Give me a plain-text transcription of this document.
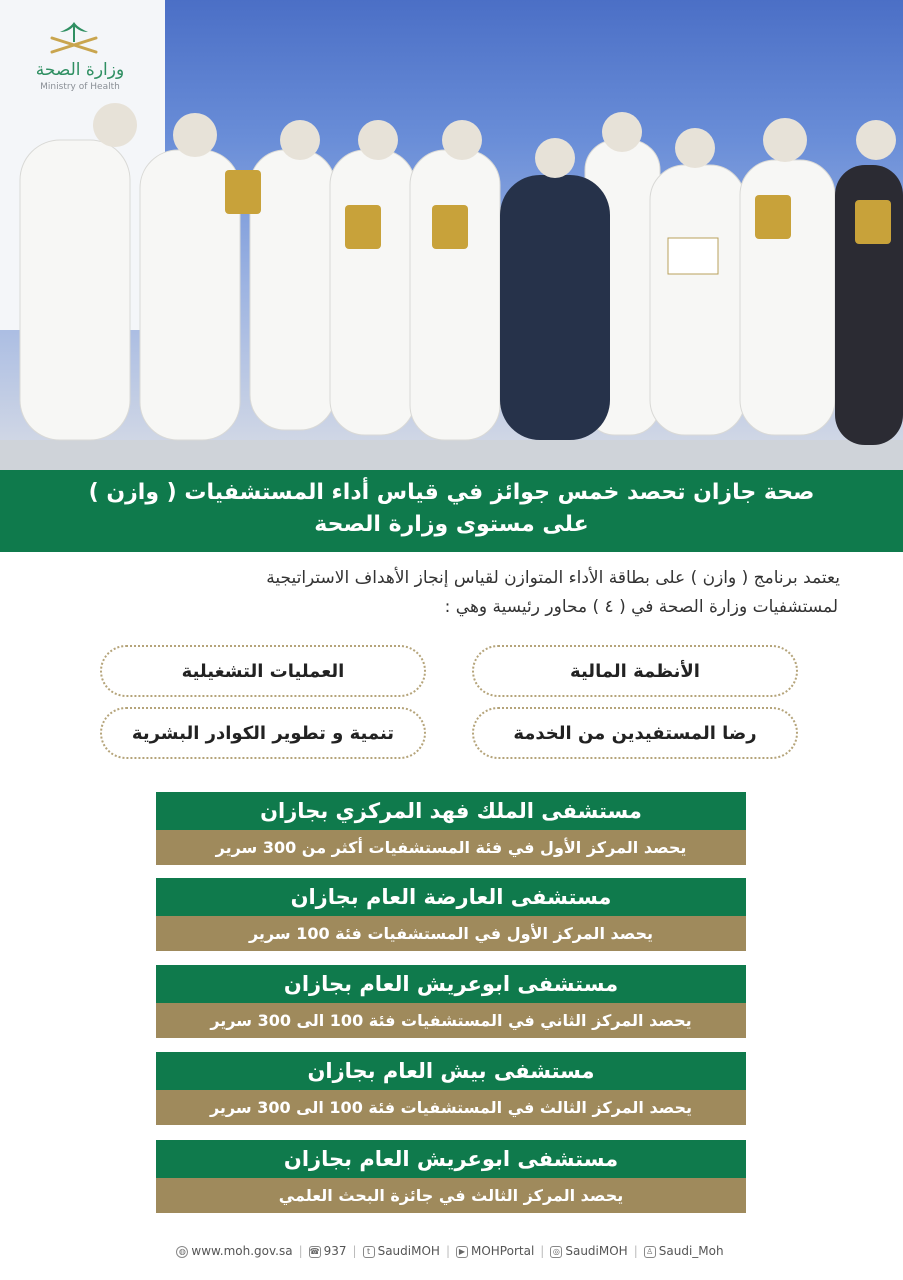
وزارة الصحة
Ministry of Health
صحة جازان تحصد خمس جوائز في قياس أداء المستشفيات ( وازن )
على مستوى وزارة الصحة
يعتمد برنامج ( وازن ) على بطاقة الأداء المتوازن لقياس إنجاز الأهداف الاستراتيجية
لمستشفيات وزارة الصحة في ( ٤ ) محاور رئيسية وهي :
الأنظمة المالية
العمليات التشغيلية
رضا المستفيدين من الخدمة
تنمية و تطوير الكوادر البشرية
مستشفى الملك فهد المركزي بجازان
يحصد المركز الأول في فئة المستشفيات أكثر من 300 سرير
مستشفى العارضة العام بجازان
يحصد المركز الأول في المستشفيات فئة 100 سرير
مستشفى ابوعريش العام بجازان
يحصد المركز الثاني في المستشفيات فئة 100 الى 300 سرير
مستشفى بيش العام بجازان
يحصد المركز الثالث في المستشفيات فئة 100 الى 300 سرير
مستشفى ابوعريش العام بجازان
يحصد المركز الثالث في جائزة البحث العلمي
◍ www.moh.gov.sa | ☎ 937 |	t SaudiMOH |	▶ MOHPortal |	◎ SaudiMOH |	♙ Saudi_Moh
